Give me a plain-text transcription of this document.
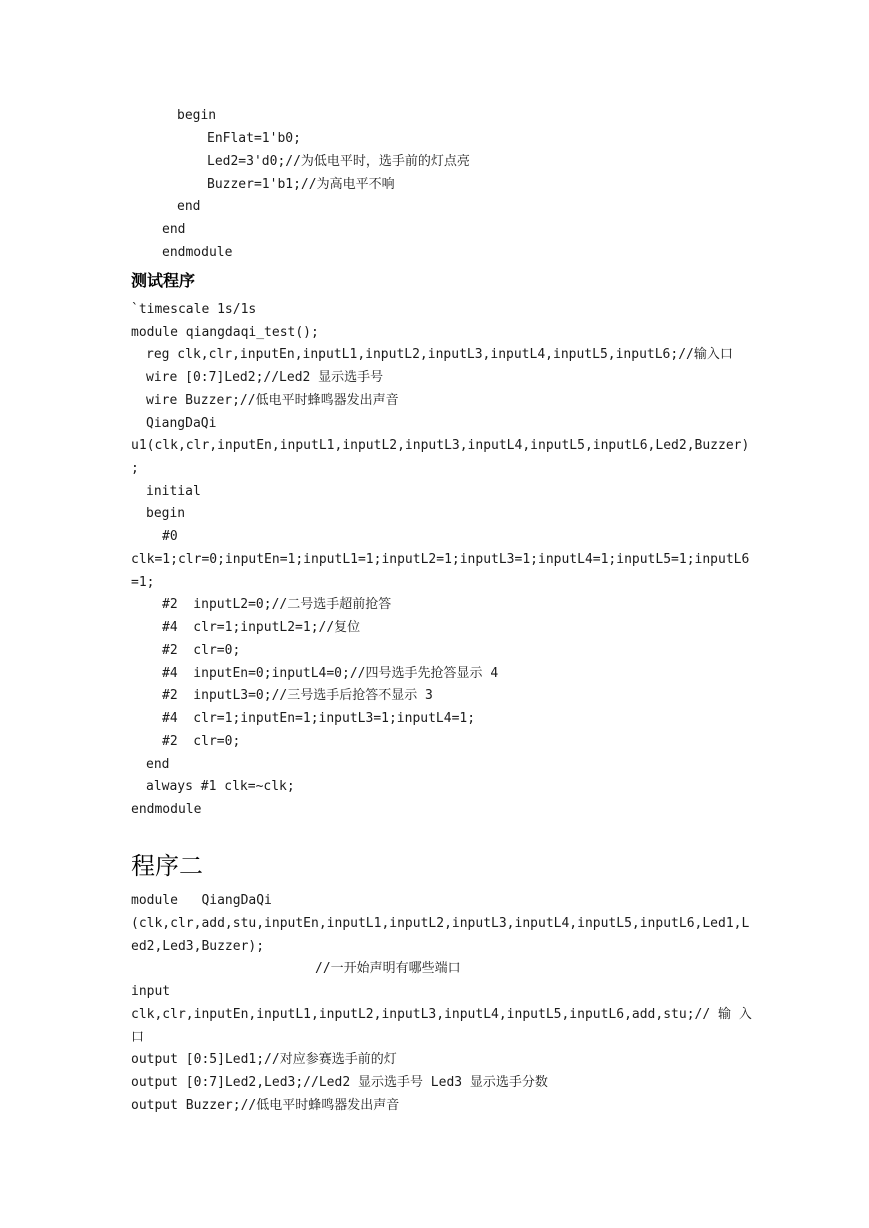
begin
EnFlat=1'b0;
Led2=3'd0;//为低电平时，选手前的灯点亮
Buzzer=1'b1;//为高电平不响
end
end
endmodule
测试程序
`timescale 1s/1s
module qiangdaqi_test();
reg clk,clr,inputEn,inputL1,inputL2,inputL3,inputL4,inputL5,inputL6;//输入口
wire [0:7]Led2;//Led2 显示选手号
wire Buzzer;//低电平时蜂鸣器发出声音
QiangDaQi
u1(clk,clr,inputEn,inputL1,inputL2,inputL3,inputL4,inputL5,inputL6,Led2,Buzzer)
;
initial
begin
#0
clk=1;clr=0;inputEn=1;inputL1=1;inputL2=1;inputL3=1;inputL4=1;inputL5=1;inputL6
=1;
#2  inputL2=0;//二号选手超前抢答
#4  clr=1;inputL2=1;//复位
#2  clr=0;
#4  inputEn=0;inputL4=0;//四号选手先抢答显示 4
#2  inputL3=0;//三号选手后抢答不显示 3
#4  clr=1;inputEn=1;inputL3=1;inputL4=1;
#2  clr=0;
end
always #1 clk=~clk;
endmodule
程序二
module   QiangDaQi
(clk,clr,add,stu,inputEn,inputL1,inputL2,inputL3,inputL4,inputL5,inputL6,Led1,L
ed2,Led3,Buzzer);
//一开始声明有哪些端口
input
clk,clr,inputEn,inputL1,inputL2,inputL3,inputL4,inputL5,inputL6,add,stu;// 输 入
口
output [0:5]Led1;//对应参赛选手前的灯
output [0:7]Led2,Led3;//Led2 显示选手号 Led3 显示选手分数
output Buzzer;//低电平时蜂鸣器发出声音
